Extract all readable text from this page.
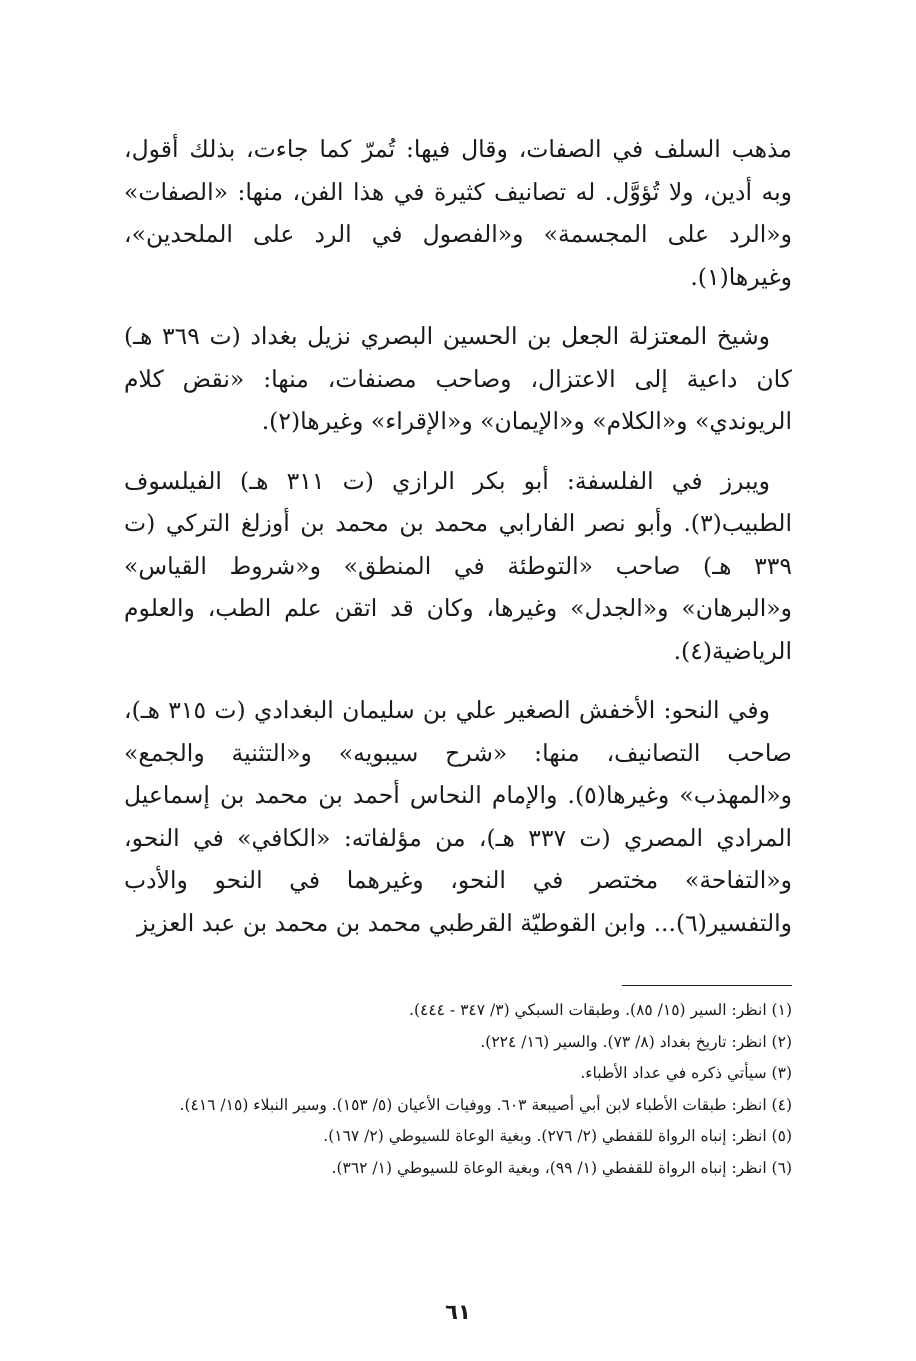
مذهب السلف في الصفات، وقال فيها: تُمرّ كما جاءت، بذلك أقول، وبه أدين، ولا تُؤوَّل. له تصانيف كثيرة في هذا الفن، منها: «الصفات» و«الرد على المجسمة» و«الفصول في الرد على الملحدين»، وغيرها(١).

وشيخ المعتزلة الجعل بن الحسين البصري نزيل بغداد (ت ٣٦٩ هـ) كان داعية إلى الاعتزال، وصاحب مصنفات، منها: «نقض كلام الريوندي» و«الكلام» و«الإيمان» و«الإقراء» وغيرها(٢).

ويبرز في الفلسفة: أبو بكر الرازي (ت ٣١١ هـ) الفيلسوف الطبيب(٣). وأبو نصر الفارابي محمد بن محمد بن أوزلغ التركي (ت ٣٣٩ هـ) صاحب «التوطئة في المنطق» و«شروط القياس» و«البرهان» و«الجدل» وغيرها، وكان قد اتقن علم الطب، والعلوم الرياضية(٤).

وفي النحو: الأخفش الصغير علي بن سليمان البغدادي (ت ٣١٥ هـ)، صاحب التصانيف، منها: «شرح سيبويه» و«التثنية والجمع» و«المهذب» وغيرها(٥). والإمام النحاس أحمد بن محمد بن إسماعيل المرادي المصري (ت ٣٣٧ هـ)، من مؤلفاته: «الكافي» في النحو، و«التفاحة» مختصر في النحو، وغيرهما في النحو والأدب والتفسير(٦)... وابن القوطيّة القرطبي محمد بن محمد بن عبد العزيز

(١) انظر: السير (١٥/ ٨٥). وطبقات السبكي (٣/ ٣٤٧ - ٤٤٤).

(٢) انظر: تاريخ بغداد (٨/ ٧٣). والسير (١٦/ ٢٢٤).

(٣) سيأتي ذكره في عداد الأطباء.

(٤) انظر: طبقات الأطباء لابن أبي أصيبعة ٦٠٣. ووفيات الأعيان (٥/ ١٥٣). وسير النبلاء (١٥/ ٤١٦).

(٥) انظر: إنباه الرواة للقفطي (٢/ ٢٧٦). وبغية الوعاة للسيوطي (٢/ ١٦٧).

(٦) انظر: إنباه الرواة للقفطي (١/ ٩٩)، وبغية الوعاة للسيوطي (١/ ٣٦٢).

٦١
